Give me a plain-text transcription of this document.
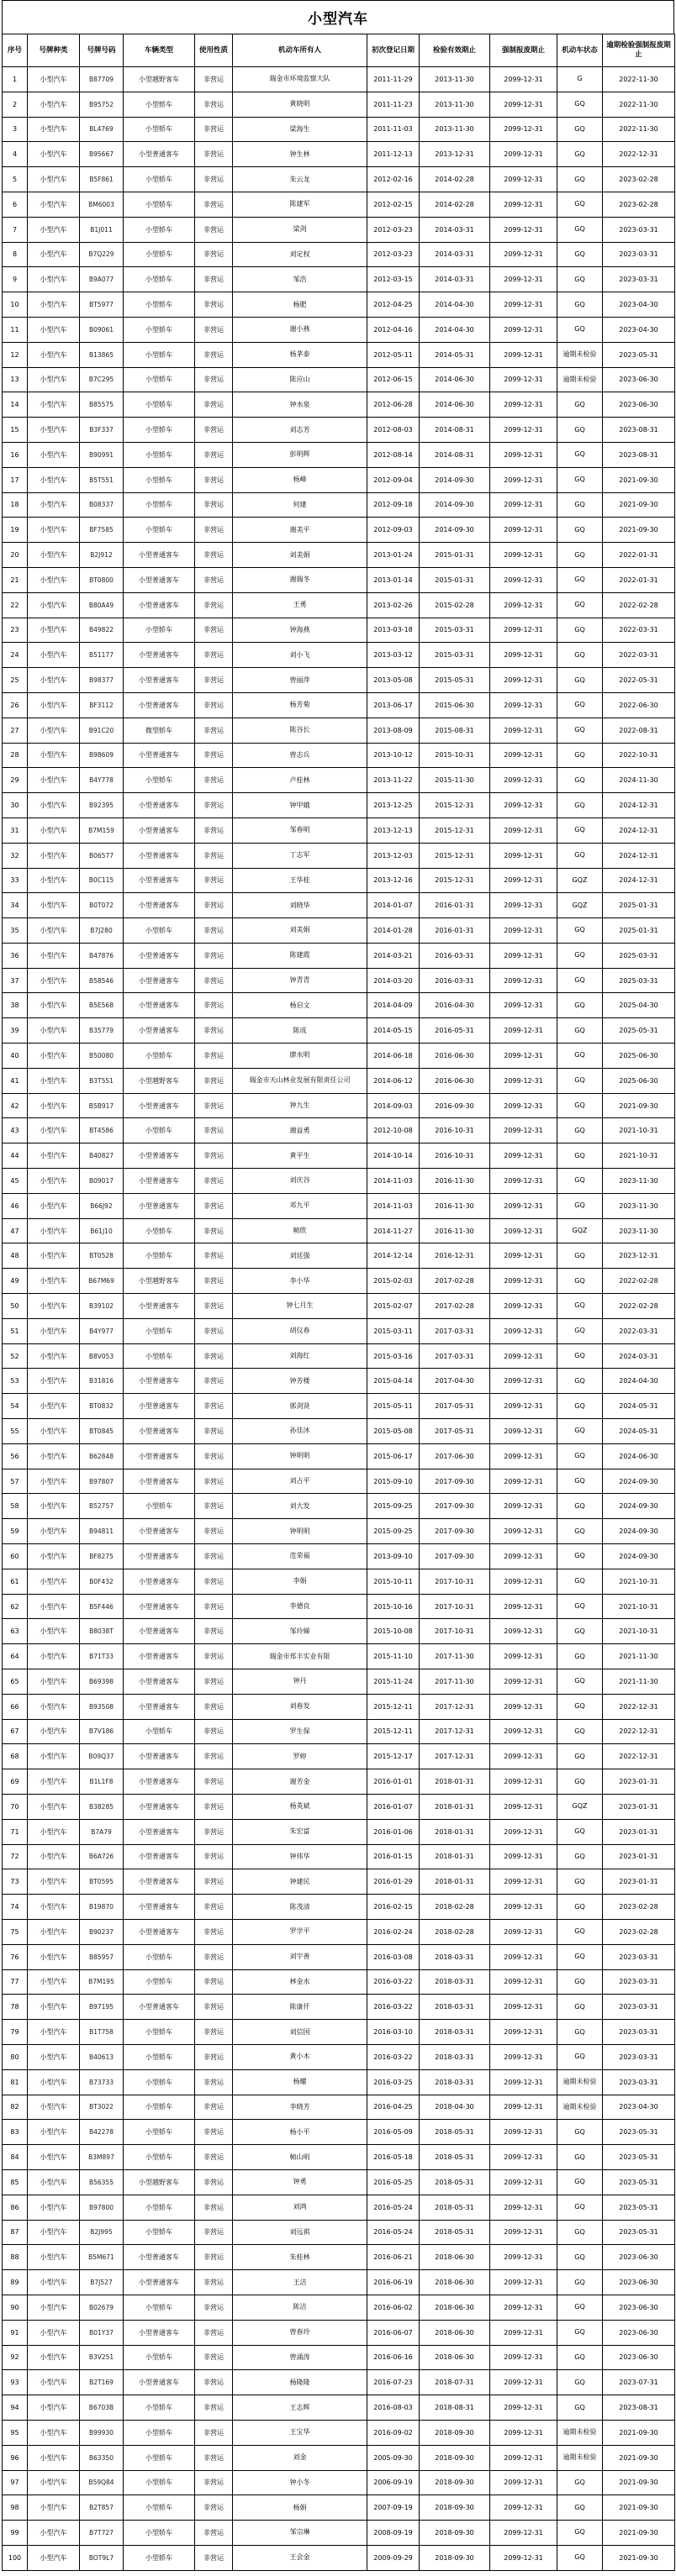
小型汽车
序号	号牌种类	号牌号码	车辆类型	使用性质	机动车所有人	初次登记日期	检验有效期止	强制报废期止	机动车状态	逾期检验强制报废期止
1	小型汽车	B87709	小型越野客车	非营运	瑞金市环境监察大队	2011-11-29	2013-11-30	2099-12-31	G	2022-11-30
2	小型汽车	B95752	小型轿车	非营运	黄晓明	2011-11-23	2013-11-30	2099-12-31	GQ	2022-11-30
3	小型汽车	BL4769	小型轿车	非营运	梁海生	2011-11-03	2013-11-30	2099-12-31	GQ	2022-11-30
4	小型汽车	B95667	小型普通客车	非营运	钟生林	2011-12-13	2013-12-31	2099-12-31	GQ	2022-12-31
5	小型汽车	B5F861	小型轿车	非营运	朱云龙	2012-02-16	2014-02-28	2099-12-31	GQ	2023-02-28
6	小型汽车	BM6003	小型轿车	非营运	陈建军	2012-02-15	2014-02-28	2099-12-31	GQ	2023-02-28
7	小型汽车	B1J011	小型轿车	非营运	梁剑	2012-03-23	2014-03-31	2099-12-31	GQ	2023-03-31
8	小型汽车	B7Q229	小型轿车	非营运	刘定权	2012-03-23	2014-03-31	2099-12-31	GQ	2023-03-31
9	小型汽车	B9A077	小型轿车	非营运	邹浩	2012-03-15	2014-03-31	2099-12-31	GQ	2023-03-31
10	小型汽车	BT5977	小型轿车	非营运	杨肥	2012-04-25	2014-04-30	2099-12-31	GQ	2023-04-30
11	小型汽车	B09061	小型轿车	非营运	谢小燕	2012-04-16	2014-04-30	2099-12-31	GQ	2023-04-30
12	小型汽车	B13865	小型轿车	非营运	杨茅泰	2012-05-11	2014-05-31	2099-12-31	逾期未检验	2023-05-31
13	小型汽车	B7C295	小型轿车	非营运	陈应山	2012-06-15	2014-06-30	2099-12-31	逾期未检验	2023-06-30
14	小型汽车	B85575	小型轿车	非营运	钟水泉	2012-06-28	2014-06-30	2099-12-31	GQ	2023-06-30
15	小型汽车	B3F337	小型轿车	非营运	刘志芳	2012-08-03	2014-08-31	2099-12-31	GQ	2023-08-31
16	小型汽车	B90991	小型轿车	非营运	彭明辉	2012-08-14	2014-08-31	2099-12-31	GQ	2023-08-31
17	小型汽车	B5T551	小型轿车	非营运	杨峰	2012-09-04	2014-09-30	2099-12-31	GQ	2021-09-30
18	小型汽车	B08337	小型轿车	非营运	何建	2012-09-18	2014-09-30	2099-12-31	GQ	2021-09-30
19	小型汽车	BF7585	小型轿车	非营运	谢美平	2012-09-03	2014-09-30	2099-12-31	GQ	2021-09-30
20	小型汽车	B2J912	小型普通客车	非营运	刘美娟	2013-01-24	2015-01-31	2099-12-31	GQ	2022-01-31
21	小型汽车	BT0800	小型普通客车	非营运	谢瑞冬	2013-01-14	2015-01-31	2099-12-31	GQ	2022-01-31
22	小型汽车	B80A49	小型普通客车	非营运	王勇	2013-02-26	2015-02-28	2099-12-31	GQ	2022-02-28
23	小型汽车	B49822	小型轿车	非营运	钟海燕	2013-03-18	2015-03-31	2099-12-31	GQ	2022-03-31
24	小型汽车	B51177	小型普通客车	非营运	刘小飞	2013-03-12	2015-03-31	2099-12-31	GQ	2022-03-31
25	小型汽车	B98377	小型普通客车	非营运	曾丽萍	2013-05-08	2015-05-31	2099-12-31	GQ	2022-05-31
26	小型汽车	BF3112	小型普通客车	非营运	杨芳菊	2013-06-17	2015-06-30	2099-12-31	GQ	2022-06-30
27	小型汽车	B91C20	微型轿车	非营运	陈谷长	2013-08-09	2015-08-31	2099-12-31	GQ	2022-08-31
28	小型汽车	B98609	小型普通客车	非营运	曾志兵	2013-10-12	2015-10-31	2099-12-31	GQ	2022-10-31
29	小型汽车	B4Y778	小型轿车	非营运	卢桂林	2013-11-22	2015-11-30	2099-12-31	GQ	2024-11-30
30	小型汽车	B92395	小型普通客车	非营运	钟甲娥	2013-12-25	2015-12-31	2099-12-31	GQ	2024-12-31
31	小型汽车	B7M159	小型普通客车	非营运	邹春明	2013-12-13	2015-12-31	2099-12-31	GQ	2024-12-31
32	小型汽车	B06577	小型普通客车	非营运	丁志军	2013-12-03	2015-12-31	2099-12-31	GQ	2024-12-31
33	小型汽车	B0C115	小型普通客车	非营运	王华桂	2013-12-16	2015-12-31	2099-12-31	GQZ	2024-12-31
34	小型汽车	B0T072	小型普通客车	非营运	刘晓华	2014-01-07	2016-01-31	2099-12-31	GQZ	2025-01-31
35	小型汽车	B7J280	小型轿车	非营运	刘美娟	2014-01-28	2016-01-31	2099-12-31	GQ	2025-01-31
36	小型汽车	B47876	小型普通客车	非营运	陈建霞	2014-03-21	2016-03-31	2099-12-31	GQ	2025-03-31
37	小型汽车	B58546	小型普通客车	非营运	钟青青	2014-03-20	2016-03-31	2099-12-31	GQ	2025-03-31
38	小型汽车	B5E568	小型普通客车	非营运	杨启文	2014-04-09	2016-04-30	2099-12-31	GQ	2025-04-30
39	小型汽车	B35779	小型普通客车	非营运	陈成	2014-05-15	2016-05-31	2099-12-31	GQ	2025-05-31
40	小型汽车	B50080	小型轿车	非营运	廖水明	2014-06-18	2016-06-30	2099-12-31	GQ	2025-06-30
41	小型汽车	B3T551	小型越野客车	非营运	瑞金市天山林业发展有限责任公司	2014-06-12	2016-06-30	2099-12-31	GQ	2025-06-30
42	小型汽车	B5B917	小型普通客车	非营运	钟九生	2014-09-03	2016-09-30	2099-12-31	GQ	2021-09-30
43	小型汽车	BT4586	小型轿车	非营运	谢益勇	2012-10-08	2016-10-31	2099-12-31	GQ	2021-10-31
44	小型汽车	B40827	小型普通客车	非营运	黄平生	2014-10-14	2016-10-31	2099-12-31	GQ	2021-10-31
45	小型汽车	B09017	小型普通客车	非营运	刘庆谷	2014-11-03	2016-11-30	2099-12-31	GQ	2023-11-30
46	小型汽车	B66J92	小型普通客车	非营运	邓九平	2014-11-03	2016-11-30	2099-12-31	GQ	2023-11-30
47	小型汽车	B61J10	小型轿车	非营运	帧欣	2014-11-27	2016-11-30	2099-12-31	GQZ	2023-11-30
48	小型汽车	BT0528	小型轿车	非营运	刘廷强	2014-12-14	2016-12-31	2099-12-31	GQ	2023-12-31
49	小型汽车	B67M69	小型越野客车	非营运	李小华	2015-02-03	2017-02-28	2099-12-31	GQ	2022-02-28
50	小型汽车	B39102	小型普通客车	非营运	钟七月生	2015-02-07	2017-02-28	2099-12-31	GQ	2022-02-28
51	小型汽车	B4Y977	小型轿车	非营运	胡仪春	2015-03-11	2017-03-31	2099-12-31	GQ	2022-03-31
52	小型汽车	B8V053	小型轿车	非营运	刘海红	2015-03-16	2017-03-31	2099-12-31	GQ	2024-03-31
53	小型汽车	B31816	小型普通客车	非营运	钟芳楼	2015-04-14	2017-04-30	2099-12-31	GQ	2024-04-30
54	小型汽车	BT0832	小型普通客车	非营运	郭剑贤	2015-05-11	2017-05-31	2099-12-31	GQ	2024-05-31
55	小型汽车	BT0845	小型普通客车	非营运	孙佳沐	2015-05-08	2017-05-31	2099-12-31	GQ	2024-05-31
56	小型汽车	B62848	小型普通客车	非营运	钟明明	2015-06-17	2017-06-30	2099-12-31	GQ	2024-06-30
57	小型汽车	B97807	小型普通客车	非营运	刘占平	2015-09-10	2017-09-30	2099-12-31	GQ	2024-09-30
58	小型汽车	B52757	小型轿车	非营运	刘大发	2015-09-25	2017-09-30	2099-12-31	GQ	2024-09-30
59	小型汽车	B94811	小型普通客车	非营运	钟明明	2015-09-25	2017-09-30	2099-12-31	GQ	2024-09-30
60	小型汽车	BF8275	小型普通客车	非营运	范荣福	2013-09-10	2017-09-30	2099-12-31	GQ	2024-09-30
61	小型汽车	B0F432	小型普通客车	非营运	李娟	2015-10-11	2017-10-31	2099-12-31	GQ	2021-10-31
62	小型汽车	B5F446	小型普通客车	非营运	李德良	2015-10-16	2017-10-31	2099-12-31	GQ	2021-10-31
63	小型汽车	B8038T	小型普通客车	非营运	邹玲娣	2015-10-08	2017-10-31	2099-12-31	GQ	2021-10-31
64	小型汽车	B71T33	小型普通客车	非营运	瑞金市郑丰实业有限	2015-11-10	2017-11-30	2099-12-31	GQ	2021-11-30
65	小型汽车	B69398	小型普通客车	非营运	钟丹	2015-11-24	2017-11-30	2099-12-31	GQ	2021-11-30
66	小型汽车	B93508	小型普通客车	非营运	刘春发	2015-12-11	2017-12-31	2099-12-31	GQ	2022-12-31
67	小型汽车	B7V186	小型轿车	非营运	罗生保	2015-12-11	2017-12-31	2099-12-31	GQ	2022-12-31
68	小型汽车	B09Q37	小型普通客车	非营运	罗婷	2015-12-17	2017-12-31	2099-12-31	GQ	2022-12-31
69	小型汽车	B1L1F8	小型普通客车	非营运	谢芳金	2016-01-01	2018-01-31	2099-12-31	GQ	2023-01-31
70	小型汽车	B38285	小型普通客车	非营运	杨英斌	2016-01-07	2018-01-31	2099-12-31	GQZ	2023-01-31
71	小型汽车	B7A79	小型普通客车	非营运	朱宏富	2016-01-06	2018-01-31	2099-12-31	GQ	2023-01-31
72	小型汽车	B6A726	小型普通客车	非营运	钟伟华	2016-01-15	2018-01-31	2099-12-31	GQ	2023-01-31
73	小型汽车	BT0595	小型普通客车	非营运	钟建民	2016-01-29	2018-01-31	2099-12-31	GQ	2023-01-31
74	小型汽车	B19870	小型普通客车	非营运	陈茂清	2016-02-15	2018-02-28	2099-12-31	GQ	2023-02-28
75	小型汽车	B90237	小型普通客车	非营运	罗学平	2016-02-24	2018-02-28	2099-12-31	GQ	2023-02-28
76	小型汽车	B85957	小型轿车	非营运	刘宇善	2016-03-08	2018-03-31	2099-12-31	GQ	2023-03-31
77	小型汽车	B7M195	小型轿车	非营运	林金水	2016-03-22	2018-03-31	2099-12-31	GQ	2023-03-31
78	小型汽车	B97195	小型普通客车	非营运	陈康仟	2016-03-22	2018-03-31	2099-12-31	GQ	2023-03-31
79	小型汽车	B1T758	小型轿车	非营运	刘信国	2016-03-10	2018-03-31	2099-12-31	GQ	2023-03-31
80	小型汽车	B40613	小型轿车	非营运	黄小木	2016-03-22	2018-03-31	2099-12-31	GQ	2023-03-31
81	小型汽车	B73733	小型轿车	非营运	杨耀	2016-03-25	2018-03-31	2099-12-31	逾期未检验	2023-03-31
82	小型汽车	BT3022	小型轿车	非营运	李晓芳	2016-04-25	2018-04-30	2099-12-31	逾期未检验	2023-04-30
83	小型汽车	B42278	小型轿车	非营运	杨小平	2016-05-09	2018-05-31	2099-12-31	GQ	2023-05-31
84	小型汽车	B3M897	小型轿车	非营运	帧山明	2016-05-18	2018-05-31	2099-12-31	GQ	2023-05-31
85	小型汽车	B56355	小型越野客车	非营运	钟勇	2016-05-25	2018-05-31	2099-12-31	GQ	2023-05-31
86	小型汽车	B97800	小型轿车	非营运	刘鸿	2016-05-24	2018-05-31	2099-12-31	GQ	2023-05-31
87	小型汽车	B2J995	小型轿车	非营运	刘远祺	2016-05-24	2018-05-31	2099-12-31	GQ	2023-05-31
88	小型汽车	B5M671	小型普通客车	非营运	朱桂林	2016-06-21	2018-06-30	2099-12-31	GQ	2023-06-30
89	小型汽车	B7J527	小型普通客车	非营运	王洁	2016-06-19	2018-06-30	2099-12-31	GQ	2023-06-30
90	小型汽车	B02679	小型轿车	非营运	陈洁	2016-06-02	2018-06-30	2099-12-31	GQ	2023-06-30
91	小型汽车	B01Y37	小型普通客车	非营运	曾春玲	2016-06-07	2018-06-30	2099-12-31	GQ	2023-06-30
92	小型汽车	B3V251	小型轿车	非营运	曾涌涛	2016-06-16	2018-06-30	2099-12-31	GQ	2023-06-30
93	小型汽车	B2T169	小型普通客车	非营运	杨隆隆	2016-07-23	2018-07-31	2099-12-31	GQ	2023-07-31
94	小型汽车	B6703B	小型轿车	非营运	王志辉	2016-08-03	2018-08-31	2099-12-31	GQ	2023-08-31
95	小型汽车	B99930	小型轿车	非营运	王宝华	2016-09-02	2018-09-30	2099-12-31	逾期未检验	2021-09-30
96	小型汽车	B63350	小型轿车	非营运	刘金	2005-09-30	2018-09-30	2099-12-31	逾期未检验	2021-09-30
97	小型汽车	B59Q84	小型轿车	非营运	钟小冬	2006-09-19	2018-09-30	2099-12-31	GQ	2021-09-30
98	小型汽车	B2T857	小型轿车	非营运	杨娟	2007-09-19	2018-09-30	2099-12-31	GQ	2021-09-30
99	小型汽车	B7T727	小型轿车	非营运	邹宗琳	2008-09-19	2018-09-30	2099-12-31	GQ	2021-09-30
100	小型汽车	BOT9L7	小型轿车	非营运	王会金	2009-09-29	2018-09-30	2099-12-31	GQ	2021-09-30
